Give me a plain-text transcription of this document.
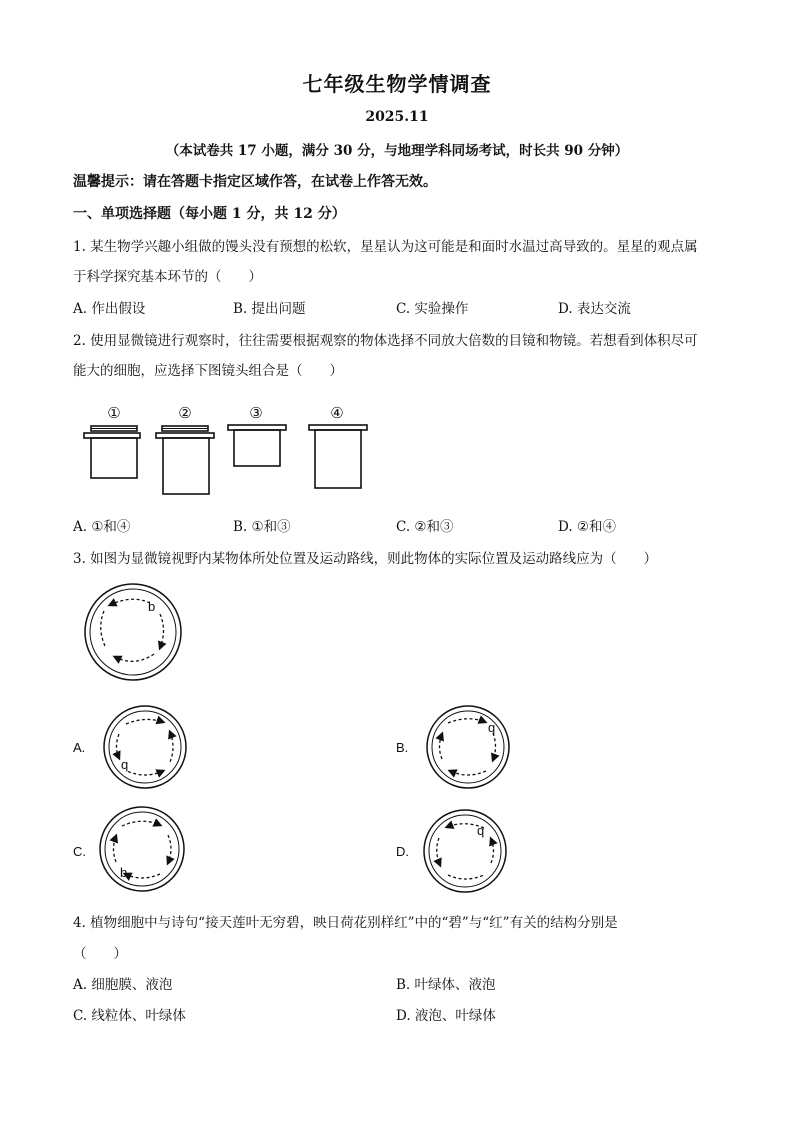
七年级生物学情调查
2025.11
（本试卷共 17 小题，满分 30 分，与地理学科同场考试，时长共 90 分钟）
温馨提示：请在答题卡指定区域作答，在试卷上作答无效。
一、单项选择题（每小题 1 分，共 12 分）
1. 某生物学兴趣小组做的馒头没有预想的松软，星星认为这可能是和面时水温过高导致的。星星的观点属
于科学探究基本环节的（　　）
A. 作出假设	B. 提出问题	C. 实验操作	D. 表达交流
2. 使用显微镜进行观察时，往往需要根据观察的物体选择不同放大倍数的目镜和物镜。若想看到体积尽可
能大的细胞，应选择下图镜头组合是（　　）
①	②	③	④
A. ①和④	B. ①和③	C. ②和③	D. ②和④
3. 如图为显微镜视野内某物体所处位置及运动路线，则此物体的实际位置及运动路线应为（　　）
b
A.
q
B.
q
C.
b
D.
q
4. 植物细胞中与诗句“接天莲叶无穷碧，映日荷花别样红”中的“碧”与“红”有关的结构分别是
（　　）
A. 细胞膜、液泡	B. 叶绿体、液泡
C. 线粒体、叶绿体	D. 液泡、叶绿体
